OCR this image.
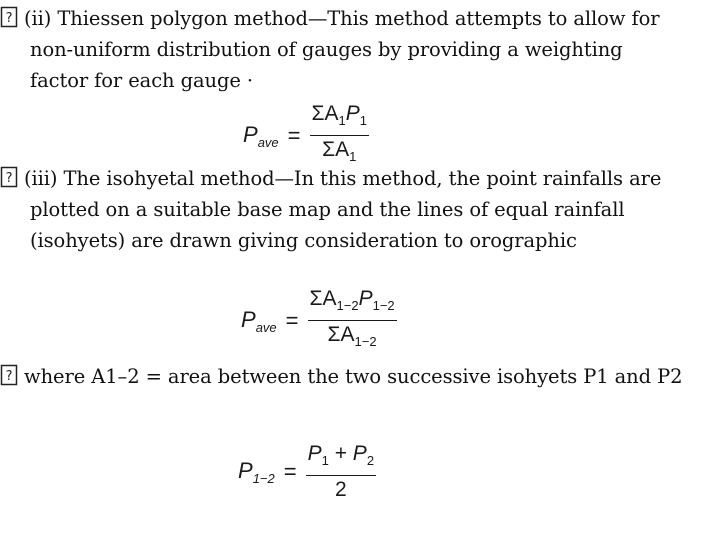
? (ii) Thiessen polygon method—This method attempts to allow for
non-uniform distribution of gauges by providing a weighting
factor for each gauge ·
$P_{ave} = \frac{\Sigma A_1P_1}{\Sigma A_1}$
? (iii) The isohyetal method—In this method, the point rainfalls are
plotted on a suitable base map and the lines of equal rainfall
(isohyets) are drawn giving consideration to orographic
$P_{ave} = \frac{\Sigma A_{1-2}P_{1-2}}{\Sigma A_{1-2}}$
? where A1–2 = area between the two successive isohyets P1 and P2
$P_{1-2} = \frac{P_1 + P_2}{2}$
